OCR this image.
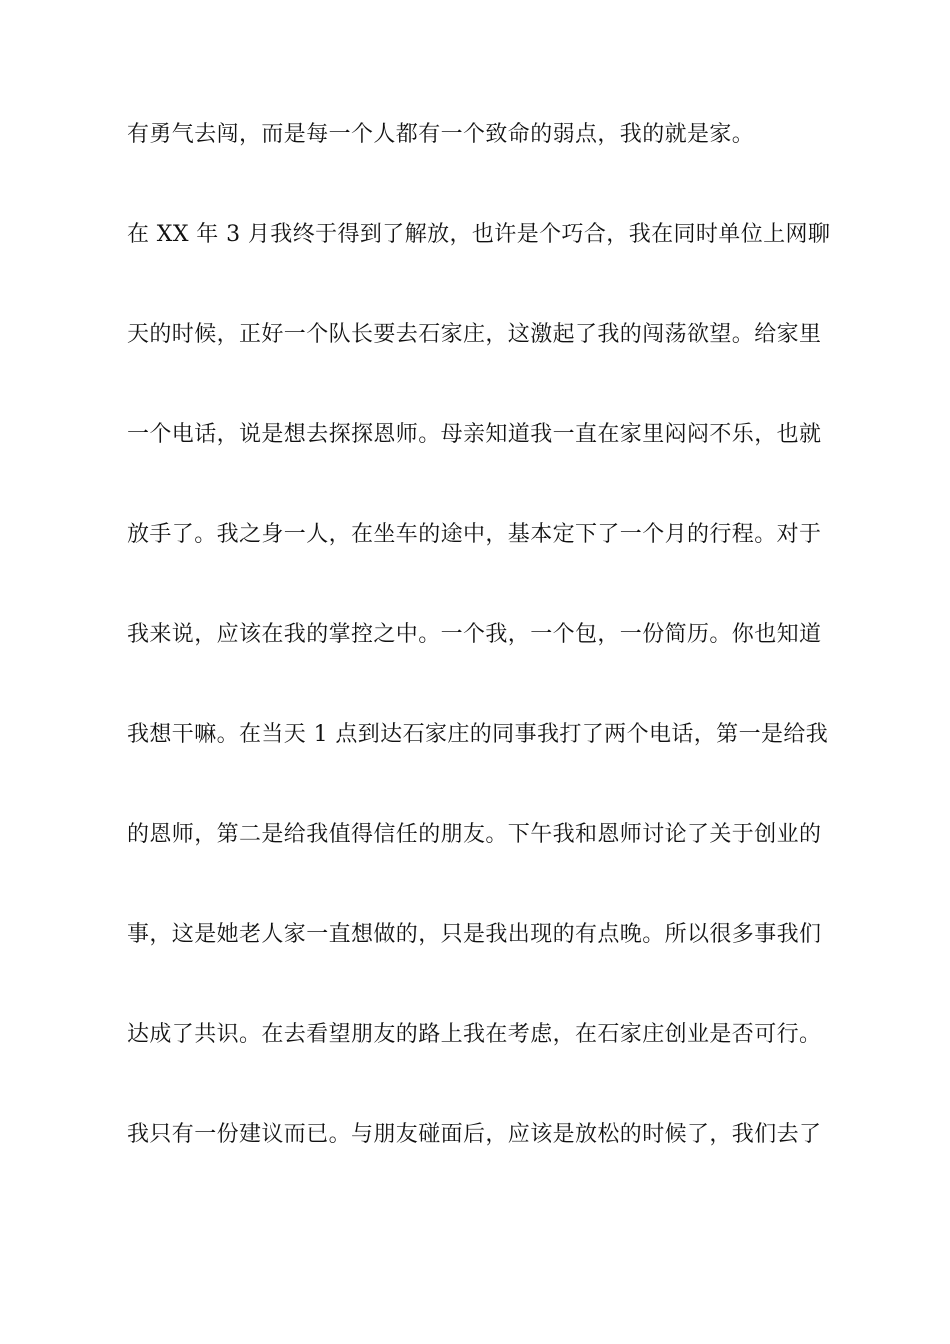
有勇气去闯，而是每一个人都有一个致命的弱点，我的就是家。
在 XX 年 3 月我终于得到了解放，也许是个巧合，我在同时单位上网聊
天的时候，正好一个队长要去石家庄，这激起了我的闯荡欲望。给家里
一个电话，说是想去探探恩师。母亲知道我一直在家里闷闷不乐，也就
放手了。我之身一人，在坐车的途中，基本定下了一个月的行程。对于
我来说，应该在我的掌控之中。一个我，一个包，一份简历。你也知道
我想干嘛。在当天 1 点到达石家庄的同事我打了两个电话，第一是给我
的恩师，第二是给我值得信任的朋友。下午我和恩师讨论了关于创业的
事，这是她老人家一直想做的，只是我出现的有点晚。所以很多事我们
达成了共识。在去看望朋友的路上我在考虑，在石家庄创业是否可行。
我只有一份建议而已。与朋友碰面后，应该是放松的时候了，我们去了
